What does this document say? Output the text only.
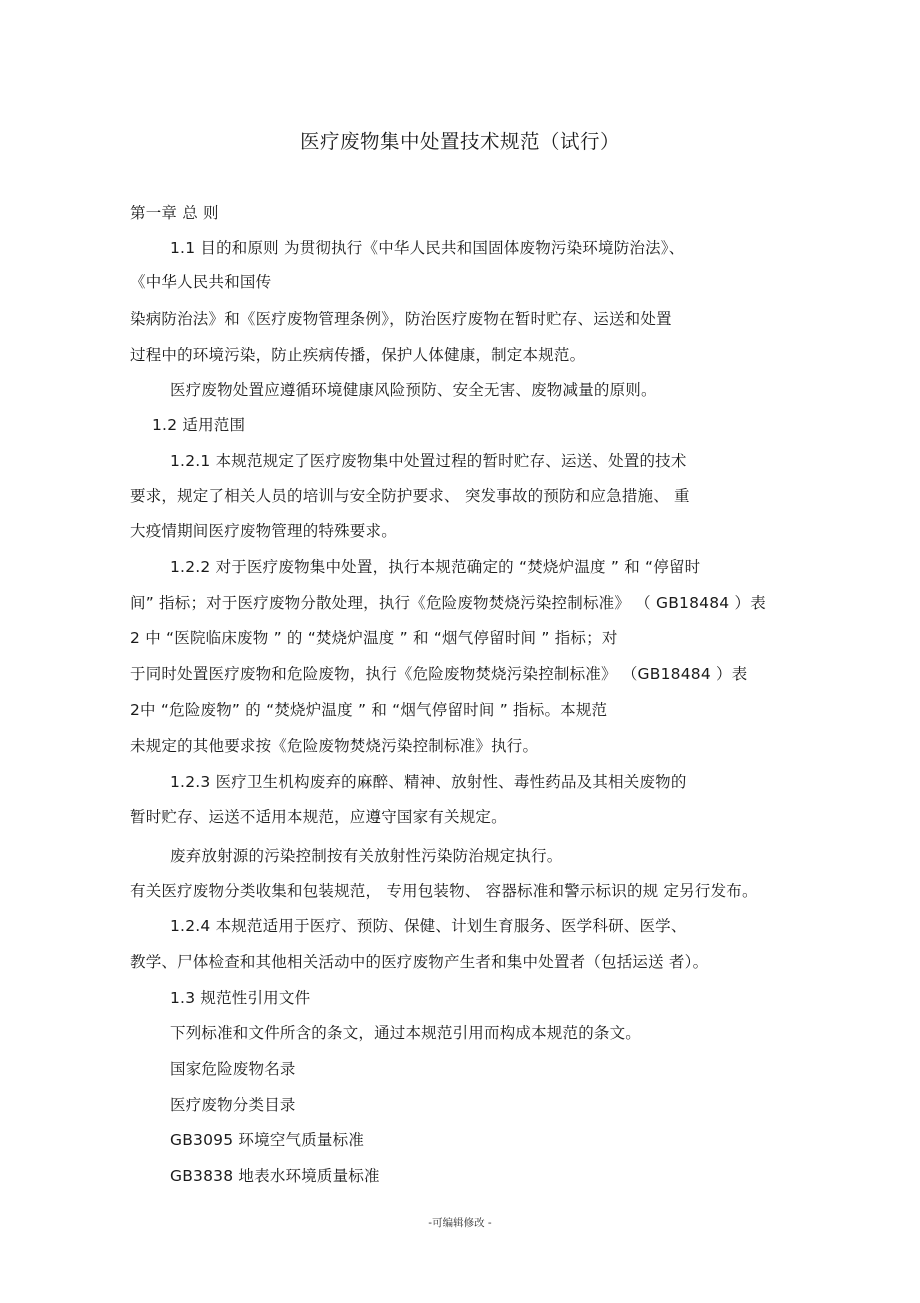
医疗废物集中处置技术规范（试行）
第一章 总 则
1.1 目的和原则 为贯彻执行《中华人民共和国固体废物污染环境防治法》、
《中华人民共和国传
染病防治法》和《医疗废物管理条例》，防治医疗废物在暂时贮存、运送和处置
过程中的环境污染，防止疾病传播，保护人体健康，制定本规范。
医疗废物处置应遵循环境健康风险预防、安全无害、废物减量的原则。
1.2 适用范围
1.2.1 本规范规定了医疗废物集中处置过程的暂时贮存、运送、处置的技术
要求，规定了相关人员的培训与安全防护要求、 突发事故的预防和应急措施、 重
大疫情期间医疗废物管理的特殊要求。
1.2.2 对于医疗废物集中处置，执行本规范确定的 “焚烧炉温度 ” 和 “停留时
间” 指标；对于医疗废物分散处理，执行《危险废物焚烧污染控制标准》 （ GB18484 ）表
2 中 “医院临床废物 ” 的 “焚烧炉温度 ” 和 “烟气停留时间 ” 指标；对
于同时处置医疗废物和危险废物，执行《危险废物焚烧污染控制标准》 （GB18484 ）表
2中 “危险废物” 的 “焚烧炉温度 ” 和 “烟气停留时间 ” 指标。本规范
未规定的其他要求按《危险废物焚烧污染控制标准》执行。
1.2.3 医疗卫生机构废弃的麻醉、精神、放射性、毒性药品及其相关废物的
暂时贮存、运送不适用本规范，应遵守国家有关规定。
废弃放射源的污染控制按有关放射性污染防治规定执行。
有关医疗废物分类收集和包装规范， 专用包装物、 容器标准和警示标识的规 定另行发布。
1.2.4 本规范适用于医疗、预防、保健、计划生育服务、医学科研、医学、
教学、尸体检查和其他相关活动中的医疗废物产生者和集中处置者（包括运送 者）。
1.3 规范性引用文件
下列标准和文件所含的条文，通过本规范引用而构成本规范的条文。
国家危险废物名录
医疗废物分类目录
GB3095 环境空气质量标准
GB3838 地表水环境质量标准
-可编辑修改 -
